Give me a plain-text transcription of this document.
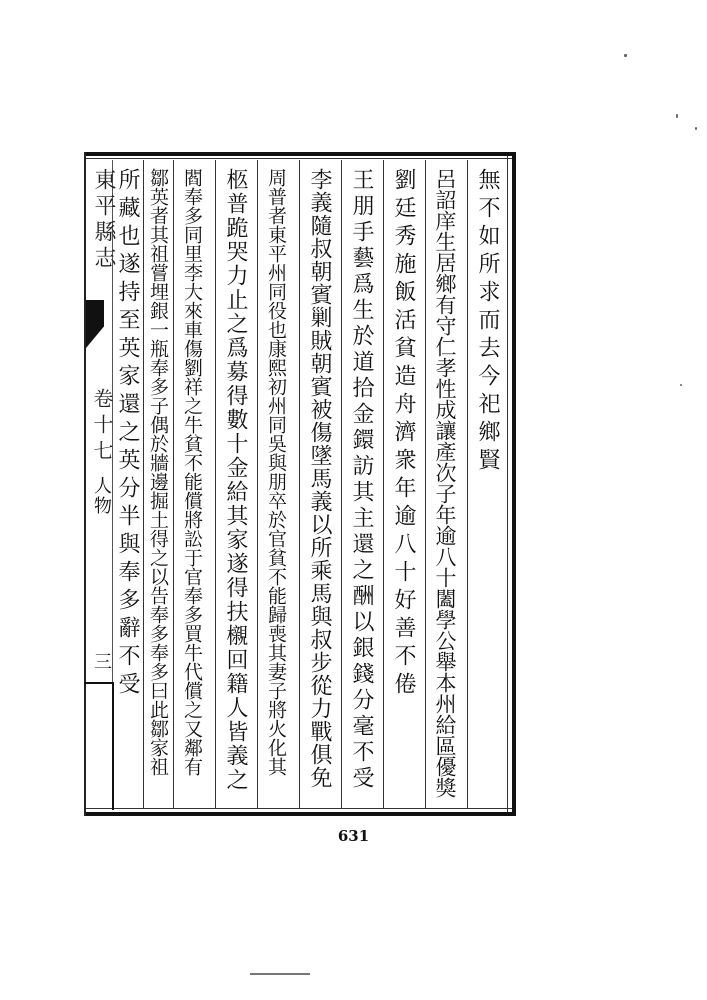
無不如所求而去今祀鄉賢
呂詔庠生居鄉有守仁孝性成讓產次子年逾八十闔學公舉本州給區優獎
劉廷秀施飯活貧造舟濟衆年逾八十好善不倦
王朋手藝爲生於道拾金鐶訪其主還之酬以銀錢分毫不受
李義隨叔朝賓剿賊朝賓被傷墜馬義以所乘馬與叔步從力戰俱免
周普者東平州同役也康熙初州同吳與朋卒於官貧不能歸喪其妻子將火化其
柩普跪哭力止之爲募得數十金給其家遂得扶櫬回籍人皆義之
閻奉多同里李大來車傷劉祥之牛貧不能償將訟于官奉多買牛代償之又鄰有
鄒英者其祖嘗埋銀一瓶奉多子偶於牆邊掘土得之以告奉多奉多曰此鄒家祖
所藏也遂持至英家還之英分半與奉多辭不受
東平縣志
卷十七
人物
三
631
